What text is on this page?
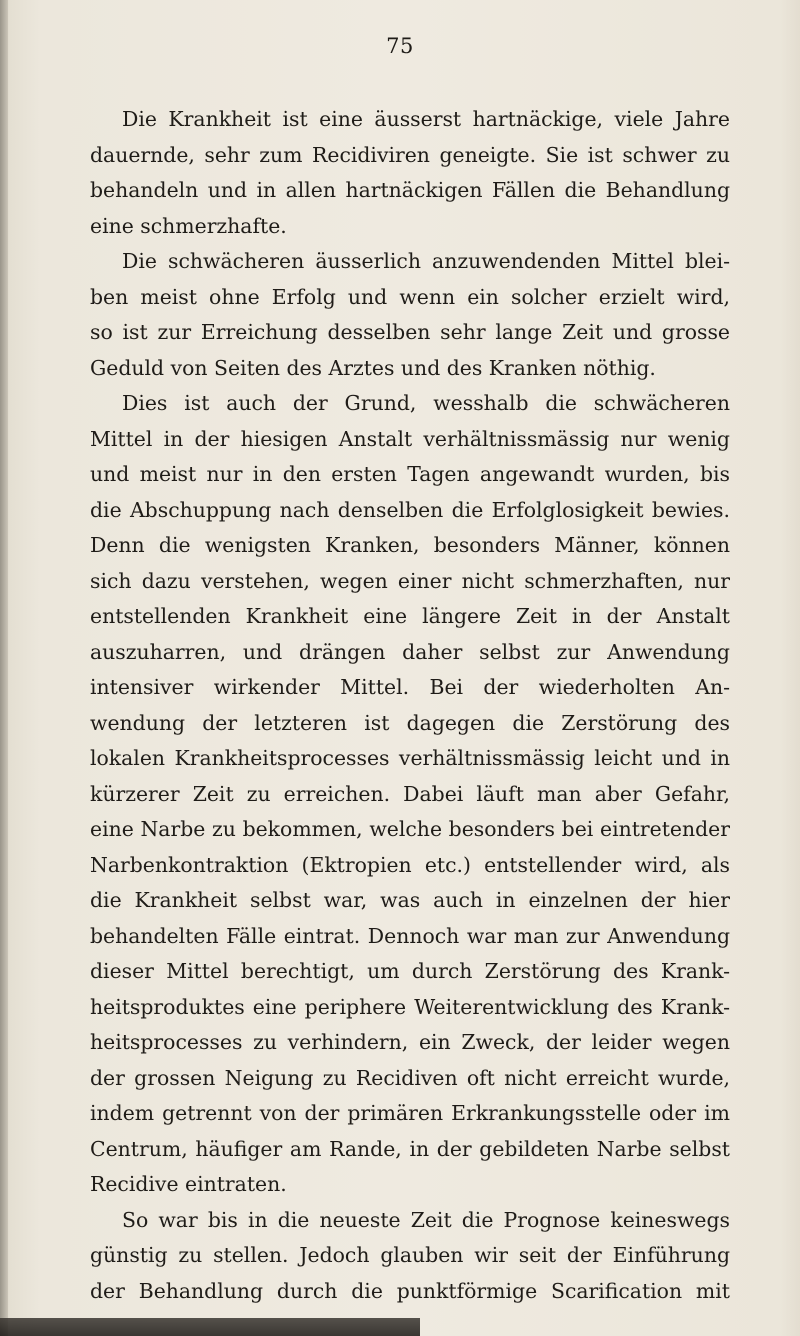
75

Die Krankheit ist eine äusserst hartnäckige, viele Jahre
dauernde, sehr zum Recidiviren geneigte. Sie ist schwer zu
behandeln und in allen hartnäckigen Fällen die Behandlung
eine schmerzhafte.

Die schwächeren äusserlich anzuwendenden Mittel blei-
ben meist ohne Erfolg und wenn ein solcher erzielt wird,
so ist zur Erreichung desselben sehr lange Zeit und grosse
Geduld von Seiten des Arztes und des Kranken nöthig.

Dies ist auch der Grund, wesshalb die schwächeren
Mittel in der hiesigen Anstalt verhältnissmässig nur wenig
und meist nur in den ersten Tagen angewandt wurden, bis
die Abschuppung nach denselben die Erfolglosigkeit bewies.
Denn die wenigsten Kranken, besonders Männer, können
sich dazu verstehen, wegen einer nicht schmerzhaften, nur
entstellenden Krankheit eine längere Zeit in der Anstalt
auszuharren, und drängen daher selbst zur Anwendung
intensiver wirkender Mittel. Bei der wiederholten An-
wendung der letzteren ist dagegen die Zerstörung des
lokalen Krankheitsprocesses verhältnissmässig leicht und in
kürzerer Zeit zu erreichen. Dabei läuft man aber Gefahr,
eine Narbe zu bekommen, welche besonders bei eintretender
Narbenkontraktion (Ektropien etc.) entstellender wird, als
die Krankheit selbst war, was auch in einzelnen der hier
behandelten Fälle eintrat. Dennoch war man zur Anwendung
dieser Mittel berechtigt, um durch Zerstörung des Krank-
heitsproduktes eine periphere Weiterentwicklung des Krank-
heitsprocesses zu verhindern, ein Zweck, der leider wegen
der grossen Neigung zu Recidiven oft nicht erreicht wurde,
indem getrennt von der primären Erkrankungsstelle oder im
Centrum, häufiger am Rande, in der gebildeten Narbe selbst
Recidive eintraten.

So war bis in die neueste Zeit die Prognose keineswegs
günstig zu stellen. Jedoch glauben wir seit der Einführung
der Behandlung durch die punktförmige Scarification mit
